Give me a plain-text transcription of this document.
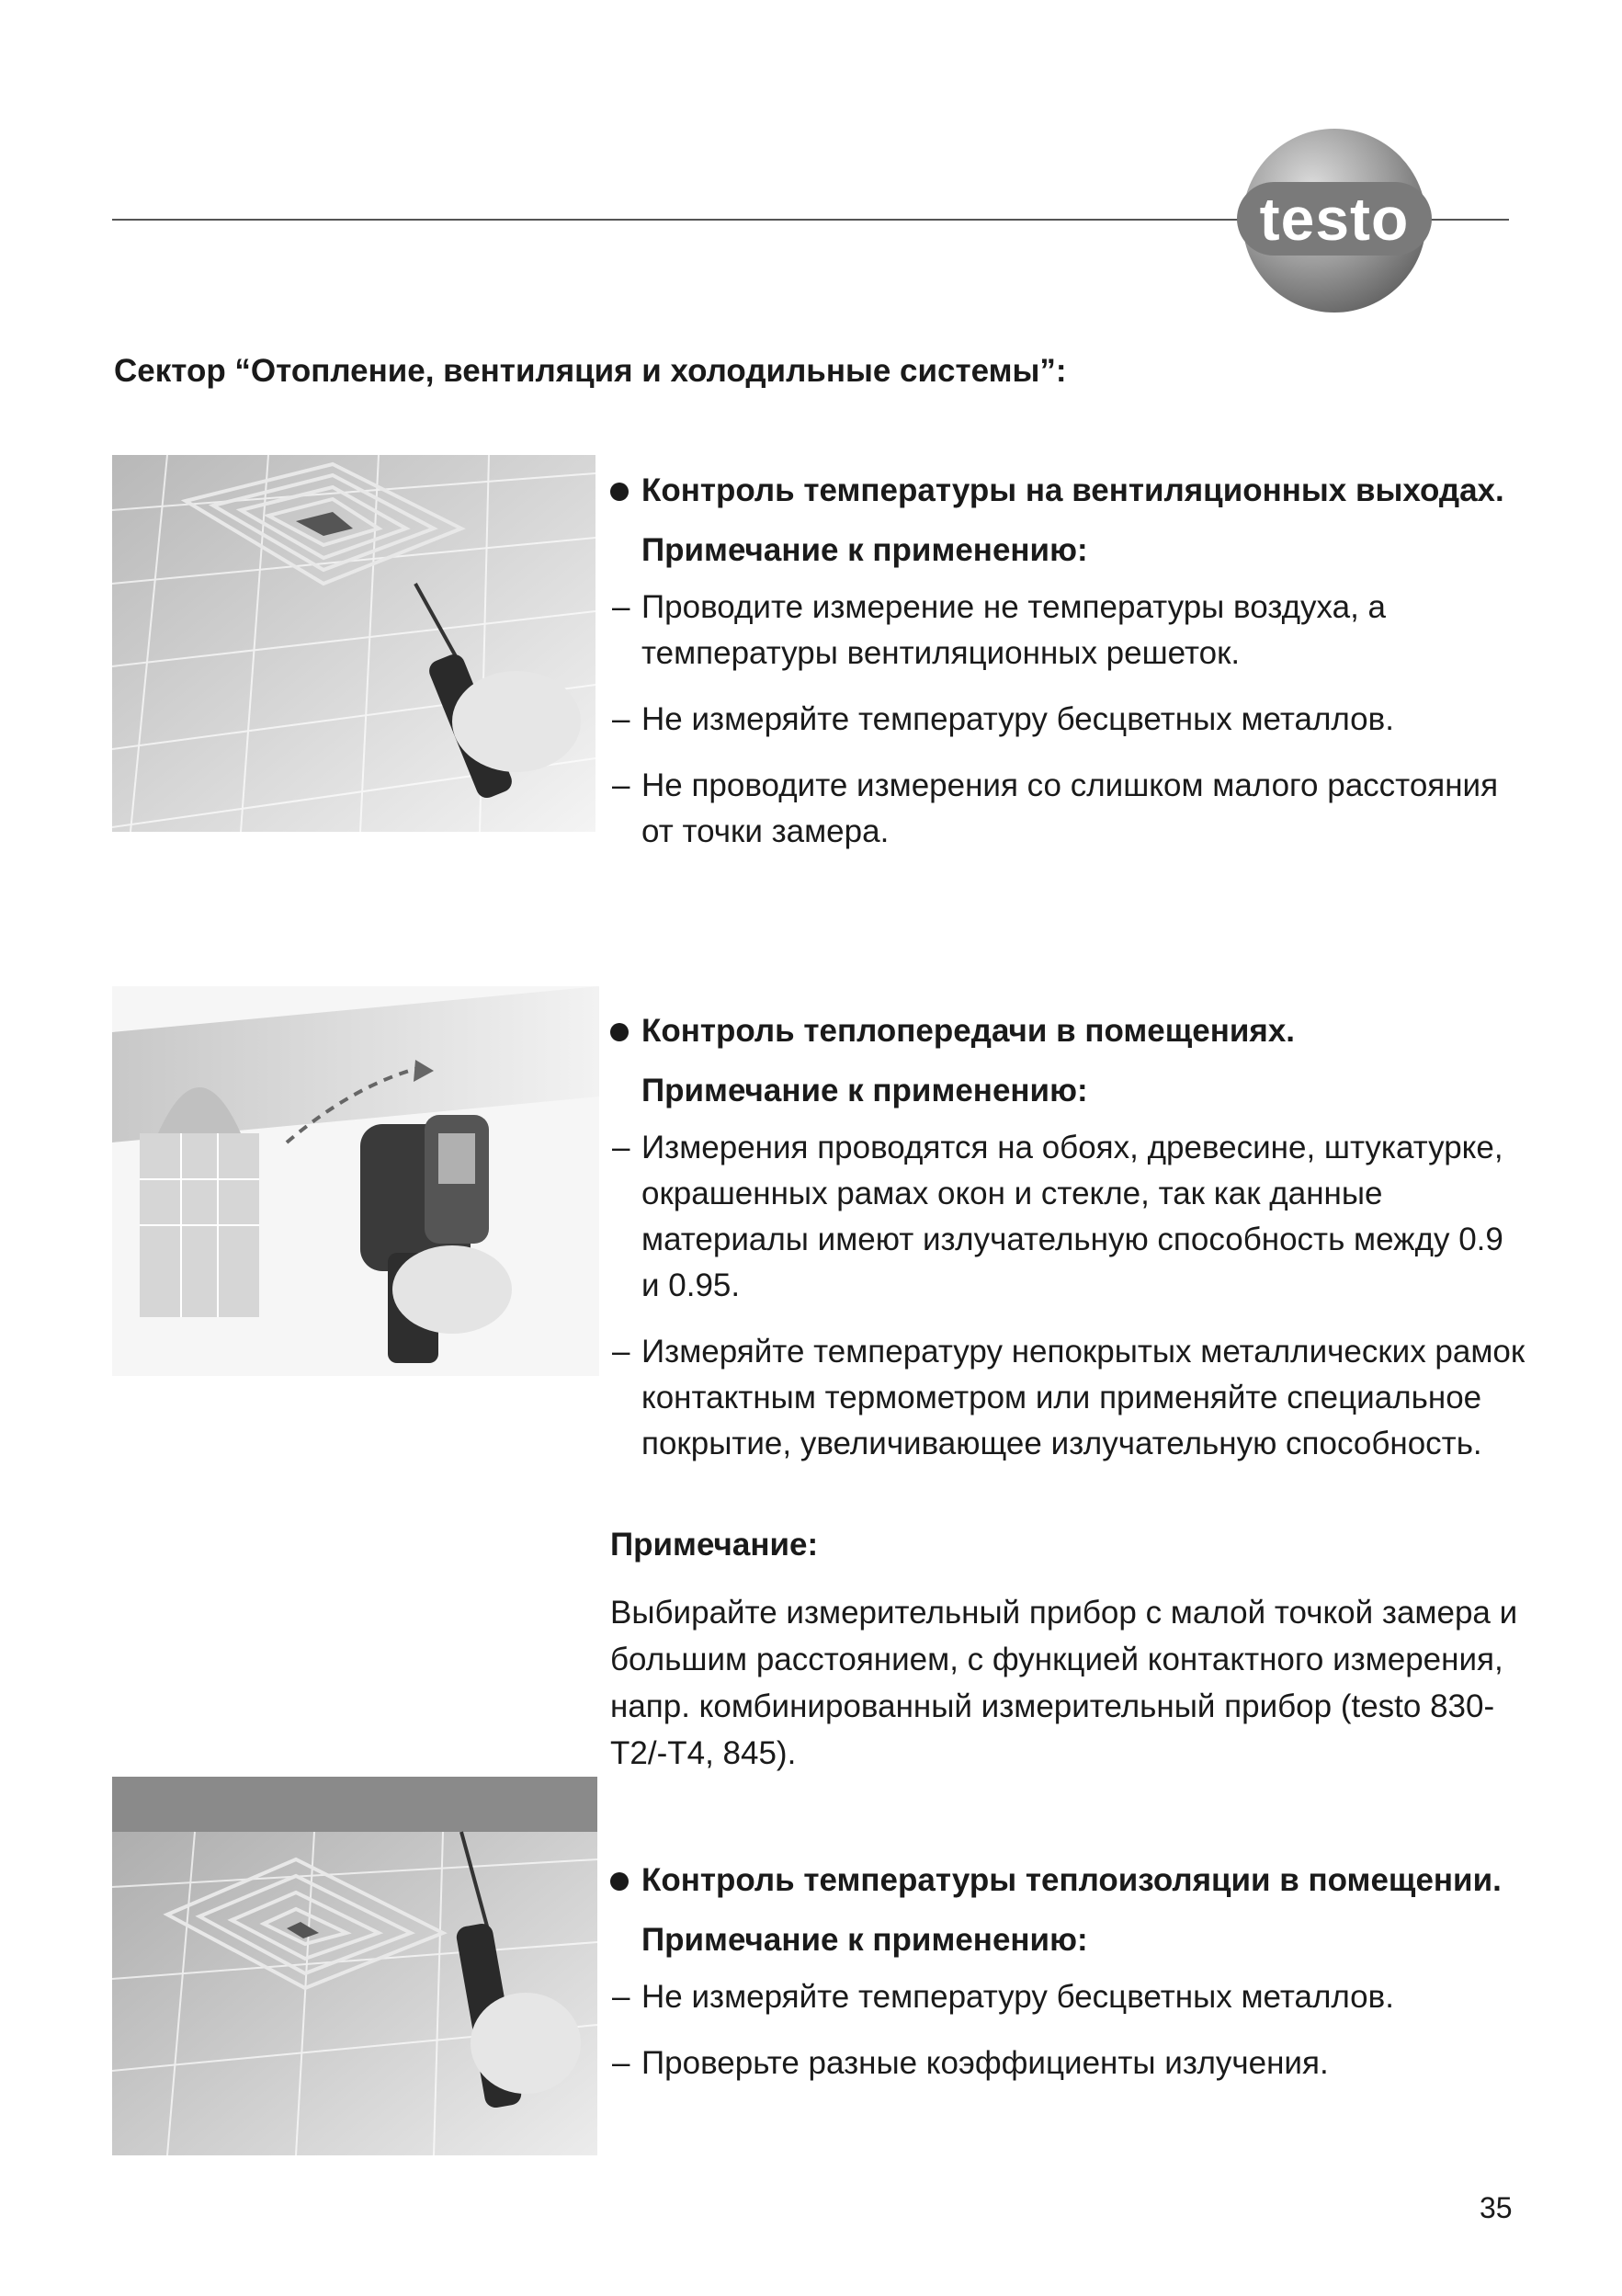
testo
Сектор “Отопление, вентиляция и холодильные системы”:
Контроль температуры на вентиляционных выходах.
Примечание к применению:
– Проводите измерение не температуры воздуха, а температуры вентиляционных решеток.
– Не измеряйте температуру бесцветных металлов.
– Не проводите измерения со слишком малого расстояния от точки замера.
Контроль теплопередачи в помещениях.
Примечание к применению:
– Измерения проводятся на обоях, древесине, штукатурке, окрашенных рамах окон и стекле, так как данные материалы имеют излучательную способность между 0.9 и 0.95.
– Измеряйте температуру непокрытых металлических рамок контактным термометром или применяйте специальное покрытие, увеличивающее излучательную способность.
Примечание:
Выбирайте измерительный прибор с малой точкой замера и большим расстоянием, с функцией контактного измерения, напр. комбинированный измерительный прибор (testo 830-T2/-T4, 845).
Контроль температуры теплоизоляции в помещении.
Примечание к применению:
– Не измеряйте температуру бесцветных металлов.
– Проверьте разные коэффициенты излучения.
35
